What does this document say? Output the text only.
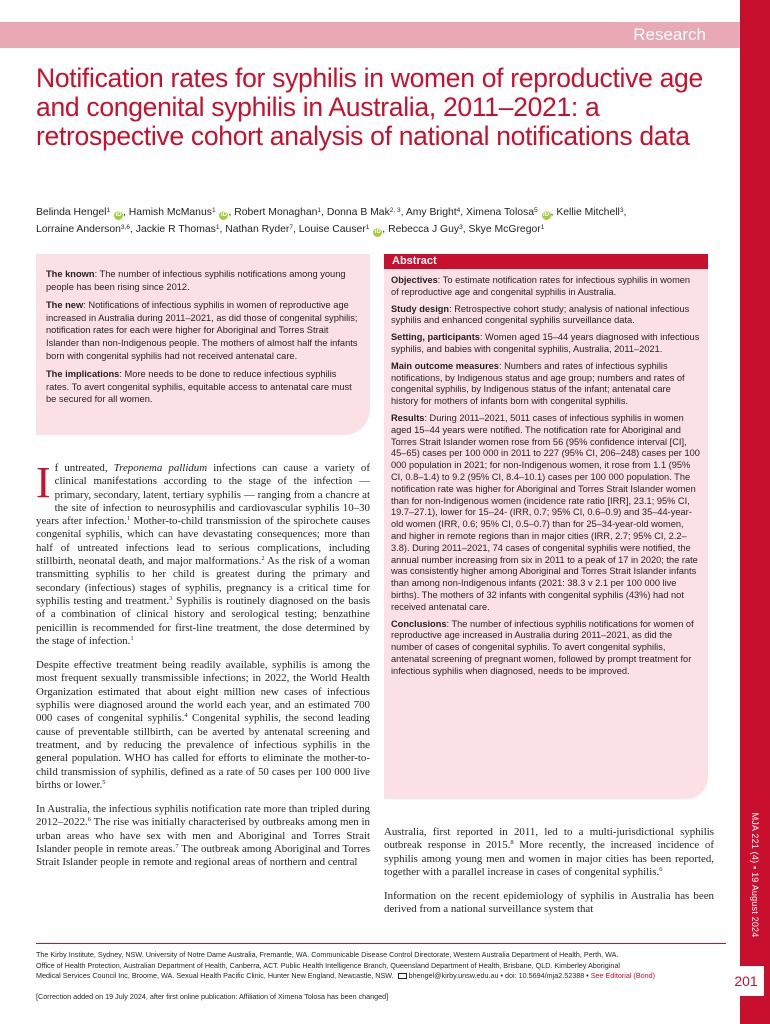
MJA 221 (4) ▪ 19 August 2024
201
Research
Notification rates for syphilis in women of reproductive age and congenital syphilis in Australia, 2011–2021: a retrospective cohort analysis of national notifications data
Belinda Hengel$^1$ iD , Hamish McManus$^1$ iD , Robert Monaghan$^1$, Donna B Mak$^{2, 3}$, Amy Bright$^4$, Ximena Tolosa$^5$ iD , Kellie Mitchell$^3$,
Lorraine Anderson$^{3,6}$, Jackie R Thomas$^1$, Nathan Ryder$^7$, Louise Causer$^1$ iD , Rebecca J Guy$^3$, Skye McGregor$^1$

The known: The number of infectious syphilis notifications among young people has been rising since 2012.

The new: Notifications of infectious syphilis in women of reproductive age increased in Australia during 2011–2021, as did those of congenital syphilis; notification rates for each were higher for Aboriginal and Torres Strait Islander than non-Indigenous people. The mothers of almost half the infants born with congenital syphilis had not received antenatal care.

The implications: More needs to be done to reduce infectious syphilis rates. To avert congenital syphilis, equitable access to antenatal care must be secured for all women.

Abstract

Objectives: To estimate notification rates for infectious syphilis in women of reproductive age and congenital syphilis in Australia.

Study design: Retrospective cohort study; analysis of national infectious syphilis and enhanced congenital syphilis surveillance data.

Setting, participants: Women aged 15–44 years diagnosed with infectious syphilis, and babies with congenital syphilis, Australia, 2011–2021.

Main outcome measures: Numbers and rates of infectious syphilis notifications, by Indigenous status and age group; numbers and rates of congenital syphilis, by Indigenous status of the infant; antenatal care history for mothers of infants born with congenital syphilis.

Results: During 2011–2021, 5011 cases of infectious syphilis in women aged 15–44 years were notified. The notification rate for Aboriginal and Torres Strait Islander women rose from 56 (95% confidence interval [CI], 45–65) cases per 100 000 in 2011 to 227 (95% CI, 206–248) cases per 100 000 population in 2021; for non-Indigenous women, it rose from 1.1 (95% CI, 0.8–1.4) to 9.2 (95% CI, 8.4–10.1) cases per 100 000 population. The notification rate was higher for Aboriginal and Torres Strait Islander women than for non-Indigenous women (incidence rate ratio [IRR], 23.1; 95% CI, 19.7–27.1), lower for 15–24- (IRR, 0.7; 95% CI, 0.6–0.9) and 35–44-year-old women (IRR, 0.6; 95% CI, 0.5–0.7) than for 25–34-year-old women, and higher in remote regions than in major cities (IRR, 2.7; 95% CI, 2.2–3.8). During 2011–2021, 74 cases of congenital syphilis were notified, the annual number increasing from six in 2011 to a peak of 17 in 2020; the rate was consistently higher among Aboriginal and Torres Strait Islander infants than among non-Indigenous infants (2021: 38.3 v 2.1 per 100 000 live births). The mothers of 32 infants with congenital syphilis (43%) had not received antenatal care.

Conclusions: The number of infectious syphilis notifications for women of reproductive age increased in Australia during 2011–2021, as did the number of cases of congenital syphilis. To avert congenital syphilis, antenatal screening of pregnant women, followed by prompt treatment for infectious syphilis when diagnosed, needs to be improved.

If untreated, Treponema pallidum infections can cause a variety of clinical manifestations according to the stage of the infection — primary, secondary, latent, tertiary syphilis — ranging from a chancre at the site of infection to neurosyphilis and cardiovascular syphilis 10–30 years after infection.$^1$ Mother-to-child transmission of the spirochete causes congenital syphilis, which can have devastating consequences; more than half of untreated infections lead to serious complications, including stillbirth, neonatal death, and major malformations.$^2$ As the risk of a woman transmitting syphilis to her child is greatest during the primary and secondary (infectious) stages of syphilis, pregnancy is a critical time for syphilis testing and treatment.$^3$ Syphilis is routinely diagnosed on the basis of a combination of clinical history and serological testing; benzathine penicillin is recommended for first-line treatment, the dose determined by the stage of infection.$^1$

Despite effective treatment being readily available, syphilis is among the most frequent sexually transmissible infections; in 2022, the World Health Organization estimated that about eight million new cases of infectious syphilis were diagnosed around the world each year, and an estimated 700 000 cases of congenital syphilis.$^4$ Congenital syphilis, the second leading cause of preventable stillbirth, can be averted by antenatal screening and treatment, and by reducing the prevalence of infectious syphilis in the general population. WHO has called for efforts to eliminate the mother-to-child transmission of syphilis, defined as a rate of 50 cases per 100 000 live births or lower.$^5$

In Australia, the infectious syphilis notification rate more than tripled during 2012–2022.$^6$ The rise was initially characterised by outbreaks among men in urban areas who have sex with men and Aboriginal and Torres Strait Islander people in remote areas.$^7$ The outbreak among Aboriginal and Torres Strait Islander people in remote and regional areas of northern and central

Australia, first reported in 2011, led to a multi-jurisdictional syphilis outbreak response in 2015.$^8$ More recently, the increased incidence of syphilis among young men and women in major cities has been reported, together with a parallel increase in cases of congenital syphilis.$^6$

Information on the recent epidemiology of syphilis in Australia has been derived from a national surveillance system that

The Kirby Institute, Sydney, NSW. University of Notre Dame Australia, Fremantle, WA. Communicable Disease Control Directorate, Western Australia Department of Health, Perth, WA.
Office of Health Protection, Australian Department of Health, Canberra, ACT. Public Health Intelligence Branch, Queensland Department of Health, Brisbane, QLD. Kimberley Aboriginal
Medical Services Council Inc, Broome, WA. Sexual Health Pacific Clinic, Hunter New England, Newcastle, NSW. bhengel@kirby.unsw.edu.au • doi: 10.5694/mja2.52388 • See Editorial (Bond)
[Correction added on 19 July 2024, after first online publication: Affiliation of Ximena Tolosa has been changed]
